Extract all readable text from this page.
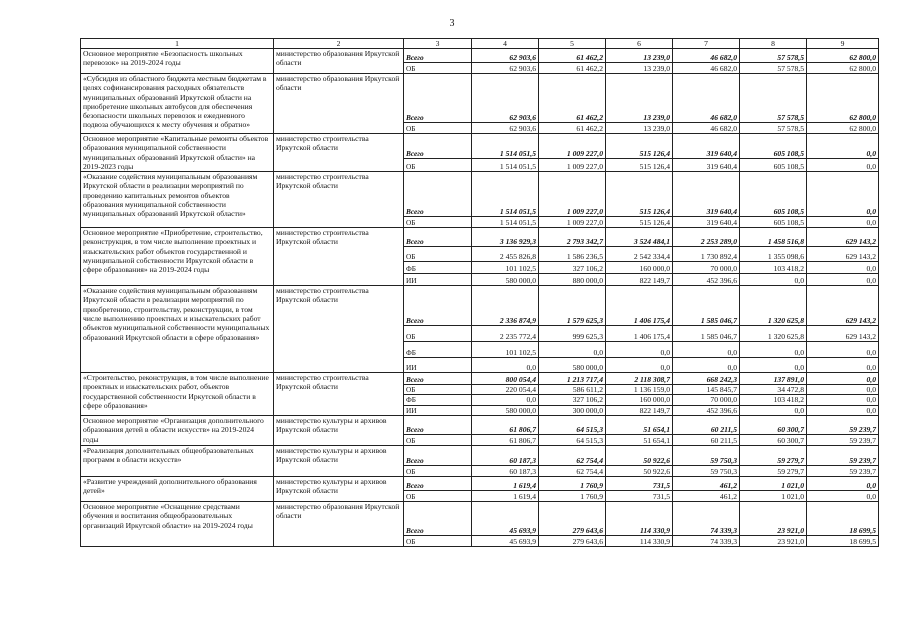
3
1	2	3	4	5	6	7	8	9
Основное мероприятие «Безопасность школьных перевозок» на 2019-2024 годы	министерство образования Иркутской области	Всего	62 903,6	61 462,2	13 239,0	46 682,0	57 578,5	62 800,0
		ОБ	62 903,6	61 462,2	13 239,0	46 682,0	57 578,5	62 800,0
«Субсидия из областного бюджета местным бюджетам в целях софинансирования расходных обязательств муниципальных образований Иркутской области на приобретение школьных автобусов для обеспечения безопасности школьных перевозок и ежедневного подвоза обучающихся к месту обучения и обратно»	министерство образования Иркутской области	Всего	62 903,6	61 462,2	13 239,0	46 682,0	57 578,5	62 800,0
		ОБ	62 903,6	61 462,2	13 239,0	46 682,0	57 578,5	62 800,0
Основное мероприятие «Капитальные ремонты объектов образования муниципальной собственности муниципальных образований Иркутской области» на 2019-2023 годы	министерство строительства Иркутской области	Всего	1 514 051,5	1 009 227,0	515 126,4	319 640,4	605 108,5	0,0
		ОБ	1 514 051,5	1 009 227,0	515 126,4	319 640,4	605 108,5	0,0
«Оказание содействия муниципальным образованиям Иркутской области в реализации мероприятий по проведению капитальных ремонтов объектов образования муниципальной собственности муниципальных образований Иркутской области»	министерство строительства Иркутской области	Всего	1 514 051,5	1 009 227,0	515 126,4	319 640,4	605 108,5	0,0
		ОБ	1 514 051,5	1 009 227,0	515 126,4	319 640,4	605 108,5	0,0
Основное мероприятие «Приобретение, строительство, реконструкция, в том числе выполнение проектных и изыскательских работ объектов государственной и муниципальной собственности Иркутской области в сфере образования» на 2019-2024 годы	министерство строительства Иркутской области	Всего	3 136 929,3	2 793 342,7	3 524 484,1	2 253 289,0	1 458 516,8	629 143,2
		ОБ	2 455 826,8	1 586 236,5	2 542 334,4	1 730 892,4	1 355 098,6	629 143,2
		ФБ	101 102,5	327 106,2	160 000,0	70 000,0	103 418,2	0,0
		ИИ	580 000,0	880 000,0	822 149,7	452 396,6	0,0	0,0
«Оказание содействия муниципальным образованиям Иркутской области в реализации мероприятий по приобретению, строительству, реконструкции, в том числе выполнению проектных и изыскательских работ объектов муниципальной собственности муниципальных образований Иркутской области в сфере образования»	министерство строительства Иркутской области	Всего	2 336 874,9	1 579 625,3	1 406 175,4	1 585 046,7	1 320 625,8	629 143,2
		ОБ	2 235 772,4	999 625,3	1 406 175,4	1 585 046,7	1 320 625,8	629 143,2
		ФБ	101 102,5	0,0	0,0	0,0	0,0	0,0
		ИИ	0,0	580 000,0	0,0	0,0	0,0	0,0
«Строительство, реконструкция, в том числе выполнение проектных и изыскательских работ, объектов государственной собственности Иркутской области в сфере образования»	министерство строительства Иркутской области	Всего	800 054,4	1 213 717,4	2 118 308,7	668 242,3	137 891,0	0,0
		ОБ	220 054,4	586 611,2	1 136 159,0	145 845,7	34 472,8	0,0
		ФБ	0,0	327 106,2	160 000,0	70 000,0	103 418,2	0,0
		ИИ	580 000,0	300 000,0	822 149,7	452 396,6	0,0	0,0
Основное мероприятие «Организация дополнительного образования детей в области искусств» на 2019-2024 годы	министерство культуры и архивов Иркутской области	Всего	61 806,7	64 515,3	51 654,1	60 211,5	60 300,7	59 239,7
		ОБ	61 806,7	64 515,3	51 654,1	60 211,5	60 300,7	59 239,7
«Реализация дополнительных общеобразовательных программ в области искусств»	министерство культуры и архивов Иркутской области	Всего	60 187,3	62 754,4	50 922,6	59 750,3	59 279,7	59 239,7
		ОБ	60 187,3	62 754,4	50 922,6	59 750,3	59 279,7	59 239,7
«Развитие учреждений дополнительного образования детей»	министерство культуры и архивов Иркутской области	Всего	1 619,4	1 760,9	731,5	461,2	1 021,0	0,0
		ОБ	1 619,4	1 760,9	731,5	461,2	1 021,0	0,0
Основное мероприятие «Оснащение средствами обучения и воспитания общеобразовательных организаций Иркутской области» на 2019-2024 годы	министерство образования Иркутской области	Всего	45 693,9	279 643,6	114 330,9	74 339,3	23 921,0	18 699,5
		ОБ	45 693,9	279 643,6	114 330,9	74 339,3	23 921,0	18 699,5
